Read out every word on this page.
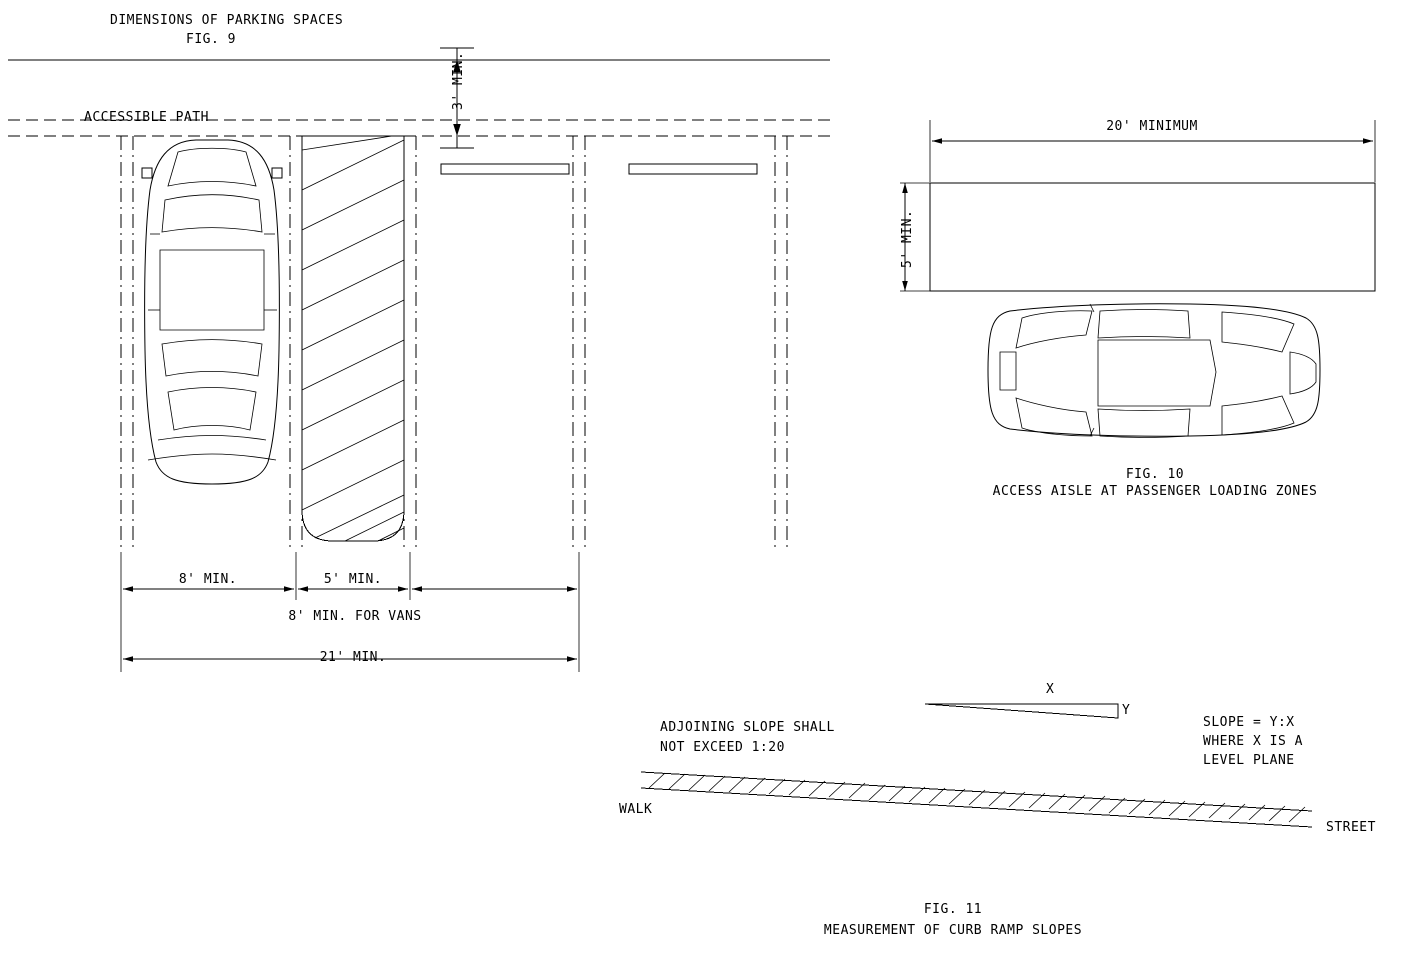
DIMENSIONS OF PARKING SPACES
FIG. 9
ACCESSIBLE PATH
3' MIN.
8' MIN.	5' MIN.
8' MIN. FOR VANS
21' MIN.
20' MINIMUM
5' MIN.
FIG. 10
ACCESS AISLE AT PASSENGER LOADING ZONES
X
Y
ADJOINING SLOPE SHALL
NOT EXCEED 1:20
SLOPE = Y:X
WHERE X IS A
LEVEL PLANE
WALK
STREET
FIG. 11
MEASUREMENT OF CURB RAMP SLOPES
